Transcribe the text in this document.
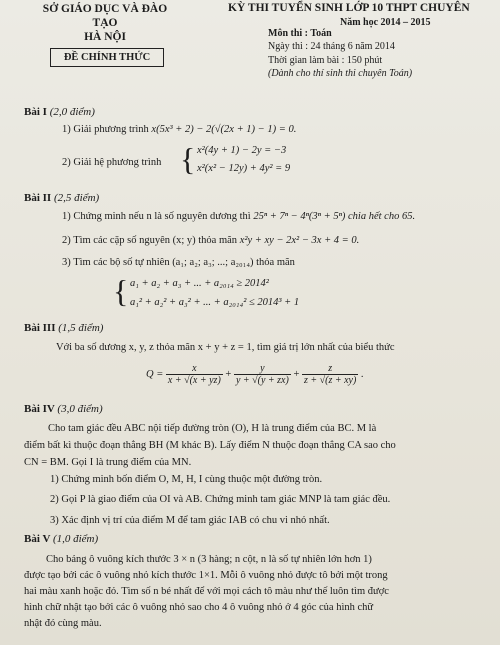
SỞ GIÁO DỤC VÀ ĐÀO TẠO
HÀ NỘI
KỲ THI TUYỂN SINH LỚP 10 THPT CHUYÊN
ĐỀ CHÍNH THỨC
Năm học 2014 – 2015
Môn thi : Toán
Ngày thi : 24 tháng 6 năm 2014
Thời gian làm bài : 150 phút
(Dành cho thí sinh thi chuyên Toán)
Bài I (2,0 điểm)
1) Giải phương trình x(5x³ + 2) − 2(√(2x + 1) − 1) = 0.
2) Giải hệ phương trình { x²(4y + 1) − 2y = −3
x²(x² − 12y) + 4y² = 9
Bài II (2,5 điểm)
1) Chứng minh nếu n là số nguyên dương thì 25ⁿ + 7ⁿ − 4ⁿ(3ⁿ + 5ⁿ) chia hết cho 65.
2) Tìm các cặp số nguyên (x; y) thỏa mãn x²y + xy − 2x² − 3x + 4 = 0.
3) Tìm các bộ số tự nhiên (a₁; a₂; a₃; ...; a₂₀₁₄) thỏa mãn
{ a₁ + a₂ + a₃ + ... + a₂₀₁₄ ≥ 2014²
a₁² + a₂² + a₃² + ... + a₂₀₁₄² ≤ 2014³ + 1
Bài III (1,5 điểm)
Với ba số dương x, y, z thỏa mãn x + y + z = 1, tìm giá trị lớn nhất của biểu thức
$Q = \frac{x}{x + √(x + yz)} + \frac{y}{y + √(y + zx)} + \frac{z}{z + √(z + xy)}$ .
Bài IV (3,0 điểm)
Cho tam giác đều ABC nội tiếp đường tròn (O), H là trung điểm của BC. M là
điểm bất kì thuộc đoạn thẳng BH (M khác B). Lấy điểm N thuộc đoạn thẳng CA sao cho
CN = BM. Gọi I là trung điểm của MN.
1) Chứng minh bốn điểm O, M, H, I cùng thuộc một đường tròn.
2) Gọi P là giao điểm của OI và AB. Chứng minh tam giác MNP là tam giác đều.
3) Xác định vị trí của điểm M để tam giác IAB có chu vi nhỏ nhất.
Bài V (1,0 điểm)
Cho bảng ô vuông kích thước 3 × n (3 hàng; n cột, n là số tự nhiên lớn hơn 1)
được tạo bởi các ô vuông nhỏ kích thước 1×1. Mỗi ô vuông nhỏ được tô bởi một trong
hai màu xanh hoặc đỏ. Tìm số n bé nhất để với mọi cách tô màu như thế luôn tìm được
hình chữ nhật tạo bởi các ô vuông nhỏ sao cho 4 ô vuông nhỏ ở 4 góc của hình chữ
nhật đó cùng màu.
